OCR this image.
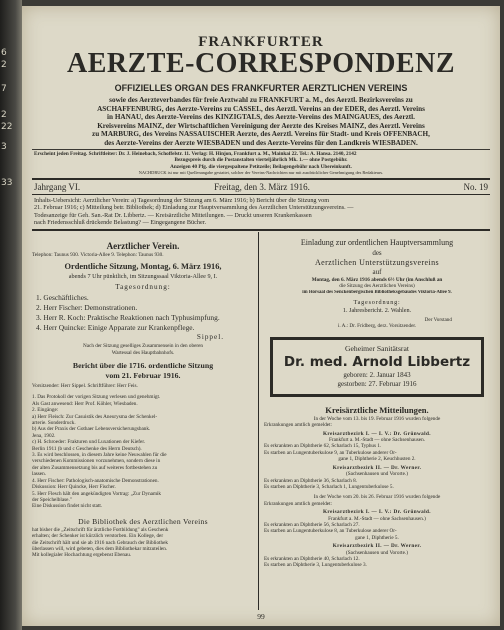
6
2
7
2
22
3
33
FRANKFURTER
AERZTE-CORRESPONDENZ
OFFIZIELLES ORGAN DES FRANKFURTER AERZTLICHEN VEREINS
sowie des Aerzteverbandes für freie Arztwahl zu FRANKFURT a. M., des Aerztl. Bezirksvereins zu
ASCHAFFENBURG, des Aerzte-Vereins zu CASSEL, des Aerztl. Vereins an der EDER, des Aerztl. Vereins
in HANAU, des Aerzte-Vereins des KINZIGTALS, des Aerzte-Vereins des MAINGAUES, des Aerztl.
Kreisvereins MAINZ, der Wirtschaftlichen Vereinigung der Aerzte des Kreises MAINZ, des Aerztl. Vereins
zu MARBURG, des Vereins NASSAUISCHER Aerzte, des Aerztl. Vereins für Stadt- und Kreis OFFENBACH,
des Aerzte-Vereins der Aerzte WIESBADEN und des Aerzte-Vereins für den Landkreis WIESBADEN.
Erscheint jeden Freitag. Schriftleiter: Dr. J. Heinebach, Schoffelstr. 11. Verlag: H. Hinjon, Frankfurt a. M., Mainkai 22. Tel.: A. Hansa. 2140, 2142
Bezugspreis durch die Postanstalten vierteljährlich Mk. 1.— ohne Postgebühr.
Anzeigen 40 Pfg. die viergespaltene Petitzeile; Beilagengebühr nach Übereinkunft.
NACHDRUCK ist nur mit Quellenangabe gestattet, solcher der Vereins-Nachrichten nur mit ausdrücklicher Genehmigung des Redakteurs.
Jahrgang VI.	Freitag, den 3. März 1916.	No. 19
Inhalts-Uebersicht: Aerztlicher Verein: a) Tagesordnung der Sitzung am 6. März 1916; b) Bericht über die Sitzung vom
21. Februar 1916; c) Mitteilung betr. Bibliothek; d) Einladung zur Hauptversammlung des Aerztlichen Unterstützungsvereins. —
Todesanzeige für Geh. San.-Rat Dr. Libbertz. — Kreisärztliche Mitteilungen. — Druckt unseren Krankenkassen
nach Friedensschluß drückende Belastung? — Eingegangene Bücher.
Aerztlicher Verein.
Telephon: Taunus 930. Victoria-Allee 9. Telephon: Taunus 930.
Ordentliche Sitzung, Montag, 6. März 1916,
abends 7 Uhr pünktlich, im Sitzungssaal Viktoria-Allee 9, I.
Tagesordnung:
1. Geschäftliches.
2. Herr Fischer: Demonstrationen.
3. Herr R. Koch: Praktische Reaktionen nach Typhusimpfung.
4. Herr Quincke: Einige Apparate zur Krankenpflege.
Sippel.
Nach der Sitzung geselliges Zusammensein in den oberen
Wartessal des Hauptbahnhofs.
Bericht über die 1716. ordentliche Sitzung
vom 21. Februar 1916.
Vorsitzender: Herr Sippel. Schriftführer: Herr Feis.
1. Das Protokoll der vorigen Sitzung verlesen und genehmigt.
Als Gast anwesend: Herr Prof. Köhler, Wiesbaden.
2. Eingänge:
a) Herr Fleisch: Zur Casuistik des Aneurysma der Schenkel-
arterie. Sonderdruck.
b) Aus der Praxis der Gothaer Lebensversicherungsbank.
Jena, 1902.
c) H. Schroeder: Frakturen und Luxationen der Kiefer.
Berlin 1911 (b und c Geschenke des Herrn Deutsch).
3. Es wird beschlossen, in diesem Jahre keine Neuwahlen für die
verschiedenen Kommissionen vorzunehmen, sondern diese in
der alten Zusammensetzung bis auf weiteres fortbestehen zu
lassen.
4. Herr Fischer: Pathologisch-anatomische Demonstrationen.
Diskussion: Herr Quincke, Herr Fischer.
5. Herr Flesch hält den angekündigten Vortrag: „Zur Dynamik
der Speichelblase."
Eine Diskussion findet nicht statt.
Die Bibliothek des Aerztlichen Vereins
hat bisher die „Zeitschrift für ärztliche Fortbildung" als Geschenk
erhalten; der Schenker ist kürzlich verstorben. Ein Kollege, der
die Zeitschrift hält und sie ab 1916 nach Gebrauch der Bibliothek
überlassen will, wird gebeten, dies dem Bibliothekar mitzuteilen.
Mit kollegialer Hochachtung ergebenst Ebenau.
Einladung zur ordentlichen Hauptversammlung
des
Aerztlichen Unterstützungsvereins
auf
Montag, den 6. März 1916 abends 6½ Uhr (im Anschluß an
die Sitzung des Aerztlichen Vereins)
im Hörsaal des Senckenbergischen Bibliotheksgebäudes Viktoria-Allee 9.
Tagesordnung:
1. Jahresbericht. 2. Wahlen.
Der Vorstand
i. A.: Dr. Fridberg, derz. Vorsitzender.
Geheimer Sanitätsrat
Dr. med. Arnold Libbertz
geboren: 2. Januar 1843
gestorben: 27. Februar 1916
Kreisärztliche Mitteilungen.
In der Woche vom 13. bis 19. Februar 1916 wurden folgende
Erkrankungen amtlich gemeldet:
Kreisarztbezirk I. — I. V.: Dr. Grünwald.
Frankfurt a. M.-Stadt — ohne Sachsenhausen.
Es erkrankten an Diphtherie 62, Scharlach 15, Typhus 1.
Es starben an Lungentuberkulose 9, an Tuberkulose anderer Or-
gane 1, Diphtherie 2, Keuchhusten 2.
Kreisarztbezirk II. — Dr. Werner.
(Sachsenhausen und Vororte.)
Es erkrankten an Diphtherie 36, Scharlach 8.
Es starben an Diphtherie 3, Scharlach 1, Lungentuberkulose 5.
In der Woche vom 20. bis 26. Februar 1916 wurden folgende
Erkrankungen amtlich gemeldet:
Kreisarztbezirk I. — I. V.: Dr. Grünwald.
Frankfurt a. M.-Stadt — ohne Sachsenhausen.)
Es erkrankten an Diphtherie 56, Scharlach 27.
Es starben an Lungentuberkulose 8, an Tuberkulose anderer Or-
gane 1, Diphtherie 5.
Kreisarztbezirk II. — Dr. Werner.
(Sachsenhausen und Vororte.)
Es erkrankten an Diphtherie 40, Scharlach 12.
Es starben an Diphtherie 3, Lungentuberkulose 3.
99
